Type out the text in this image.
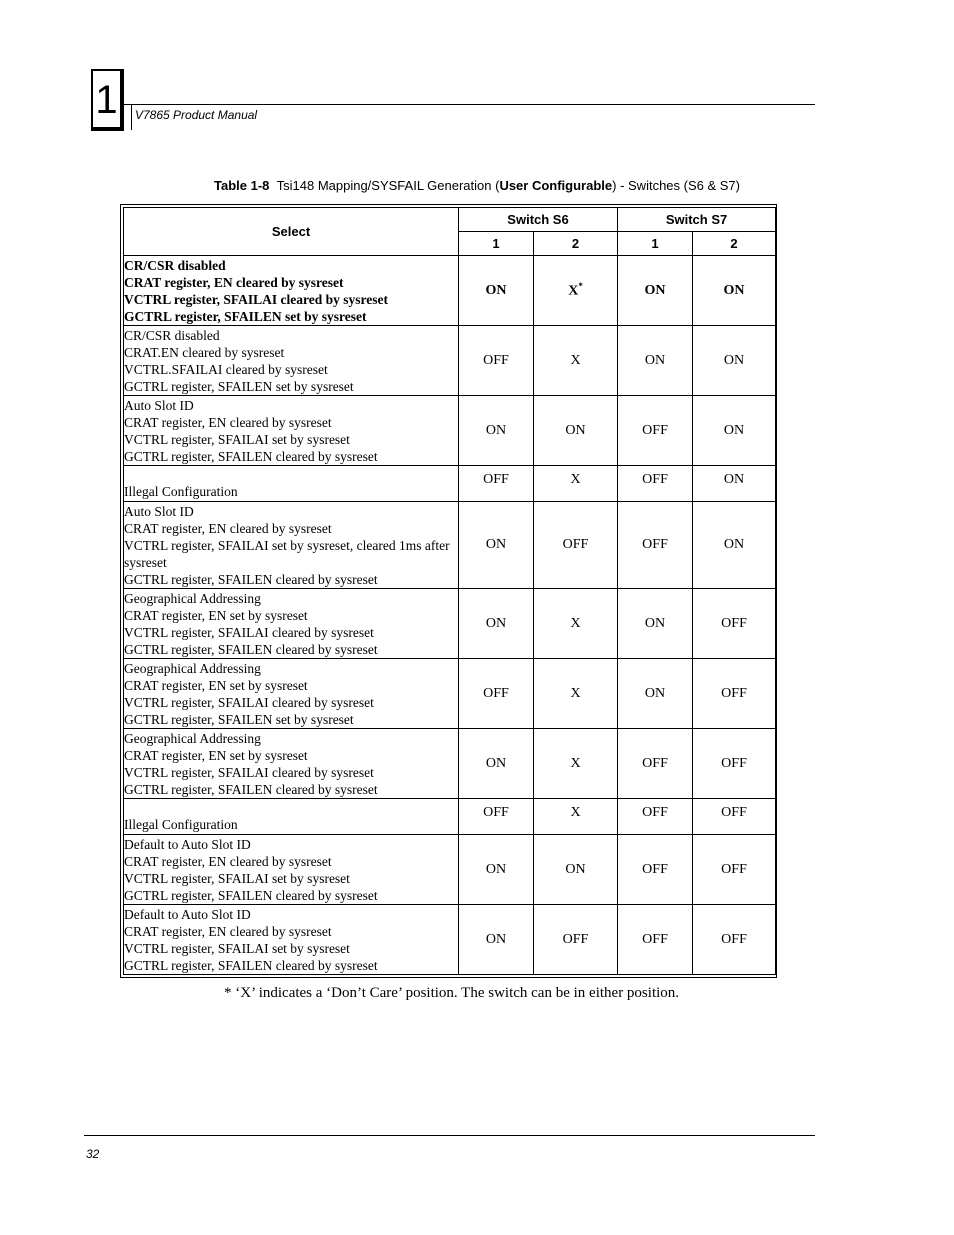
1	V7865 Product Manual
Table 1-8 Tsi148 Mapping/SYSFAIL Generation (User Configurable) - Switches (S6 & S7)
Select	Switch S6		Switch S7	
	1	2	1	2

CR/CSR disabled
CRAT register, EN cleared by sysreset
VCTRL register, SFAILAI cleared by sysreset
GCTRL register, SFAILEN set by sysreset	ON	X*	ON	ON

CR/CSR disabled
CRAT.EN cleared by sysreset
VCTRL.SFAILAI cleared by sysreset
GCTRL register, SFAILEN set by sysreset	OFF	X	ON	ON

Auto Slot ID
CRAT register, EN cleared by sysreset
VCTRL register, SFAILAI set by sysreset
GCTRL register, SFAILEN cleared by sysreset	ON	ON	OFF	ON

Illegal Configuration	OFF	X	OFF	ON

Auto Slot ID
CRAT register, EN cleared by sysreset
VCTRL register, SFAILAI set by sysreset, cleared 1ms after sysreset
GCTRL register, SFAILEN cleared by sysreset	ON	OFF	OFF	ON

Geographical Addressing
CRAT register, EN set by sysreset
VCTRL register, SFAILAI cleared by sysreset
GCTRL register, SFAILEN cleared by sysreset	ON	X	ON	OFF

Geographical Addressing
CRAT register, EN set by sysreset
VCTRL register, SFAILAI cleared by sysreset
GCTRL register, SFAILEN set by sysreset	OFF	X	ON	OFF

Geographical Addressing
CRAT register, EN set by sysreset
VCTRL register, SFAILAI cleared by sysreset
GCTRL register, SFAILEN cleared by sysreset	ON	X	OFF	OFF

Illegal Configuration	OFF	X	OFF	OFF

Default to Auto Slot ID
CRAT register, EN cleared by sysreset
VCTRL register, SFAILAI set by sysreset
GCTRL register, SFAILEN cleared by sysreset	ON	ON	OFF	OFF

Default to Auto Slot ID
CRAT register, EN cleared by sysreset
VCTRL register, SFAILAI set by sysreset
GCTRL register, SFAILEN cleared by sysreset	ON	OFF	OFF	OFF
* ‘X’ indicates a ‘Don’t Care’ position. The switch can be in either position.
32
